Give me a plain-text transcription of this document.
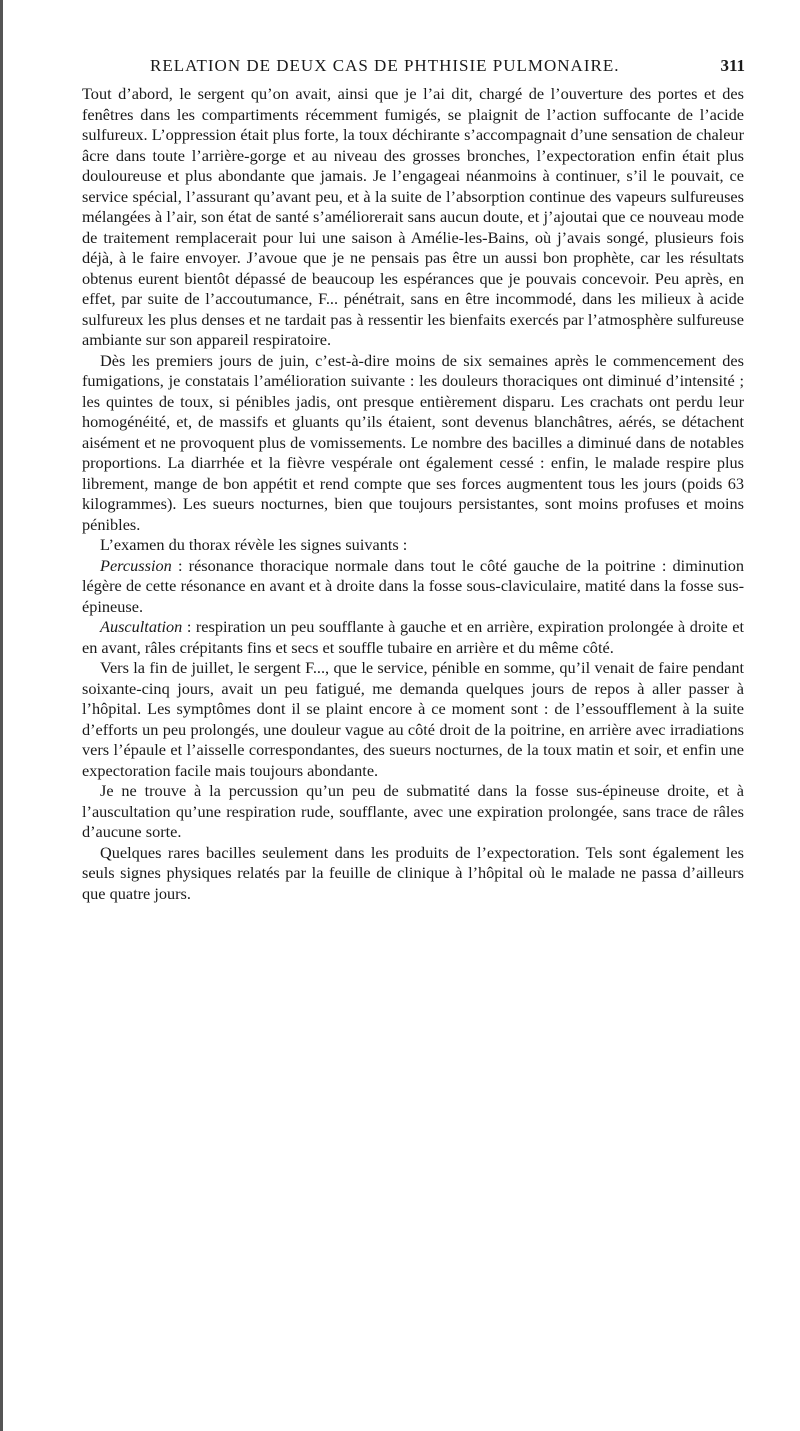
RELATION DE DEUX CAS DE PHTHISIE PULMONAIRE.	311

Tout d’abord, le sergent qu’on avait, ainsi que je l’ai dit, chargé de l’ouverture des portes et des fenêtres dans les compartiments récemment fumigés, se plaignit de l’action suffocante de l’acide sulfureux. L’oppression était plus forte, la toux déchirante s’accompagnait d’une sensation de chaleur âcre dans toute l’arrière-gorge et au niveau des grosses bronches, l’expectoration enfin était plus douloureuse et plus abondante que jamais. Je l’engageai néanmoins à continuer, s’il le pouvait, ce service spécial, l’assurant qu’avant peu, et à la suite de l’absorption continue des vapeurs sulfureuses mélangées à l’air, son état de santé s’améliorerait sans aucun doute, et j’ajoutai que ce nouveau mode de traitement remplacerait pour lui une saison à Amélie-les-Bains, où j’avais songé, plusieurs fois déjà, à le faire envoyer. J’avoue que je ne pensais pas être un aussi bon prophète, car les résultats obtenus eurent bientôt dépassé de beaucoup les espérances que je pouvais concevoir. Peu après, en effet, par suite de l’accoutumance, F... pénétrait, sans en être incommodé, dans les milieux à acide sulfureux les plus denses et ne tardait pas à ressentir les bienfaits exercés par l’atmosphère sulfureuse ambiante sur son appareil respiratoire.

Dès les premiers jours de juin, c’est-à-dire moins de six semaines après le commencement des fumigations, je constatais l’amélioration suivante : les douleurs thoraciques ont diminué d’intensité ; les quintes de toux, si pénibles jadis, ont presque entièrement disparu. Les crachats ont perdu leur homogénéité, et, de massifs et gluants qu’ils étaient, sont devenus blanchâtres, aérés, se détachent aisément et ne provoquent plus de vomissements. Le nombre des bacilles a diminué dans de notables proportions. La diarrhée et la fièvre vespérale ont également cessé : enfin, le malade respire plus librement, mange de bon appétit et rend compte que ses forces augmentent tous les jours (poids 63 kilogrammes). Les sueurs nocturnes, bien que toujours persistantes, sont moins profuses et moins pénibles.

L’examen du thorax révèle les signes suivants :

Percussion : résonance thoracique normale dans tout le côté gauche de la poitrine : diminution légère de cette résonance en avant et à droite dans la fosse sous-claviculaire, matité dans la fosse sus-épineuse.

Auscultation : respiration un peu soufflante à gauche et en arrière, expiration prolongée à droite et en avant, râles crépitants fins et secs et souffle tubaire en arrière et du même côté.

Vers la fin de juillet, le sergent F..., que le service, pénible en somme, qu’il venait de faire pendant soixante-cinq jours, avait un peu fatigué, me demanda quelques jours de repos à aller passer à l’hôpital. Les symptômes dont il se plaint encore à ce moment sont : de l’essoufflement à la suite d’efforts un peu prolongés, une douleur vague au côté droit de la poitrine, en arrière avec irradiations vers l’épaule et l’aisselle correspondantes, des sueurs nocturnes, de la toux matin et soir, et enfin une expectoration facile mais toujours abondante.

Je ne trouve à la percussion qu’un peu de submatité dans la fosse sus-épineuse droite, et à l’auscultation qu’une respiration rude, soufflante, avec une expiration prolongée, sans trace de râles d’aucune sorte.

Quelques rares bacilles seulement dans les produits de l’expectoration. Tels sont également les seuls signes physiques relatés par la feuille de clinique à l’hôpital où le malade ne passa d’ailleurs que quatre jours.
